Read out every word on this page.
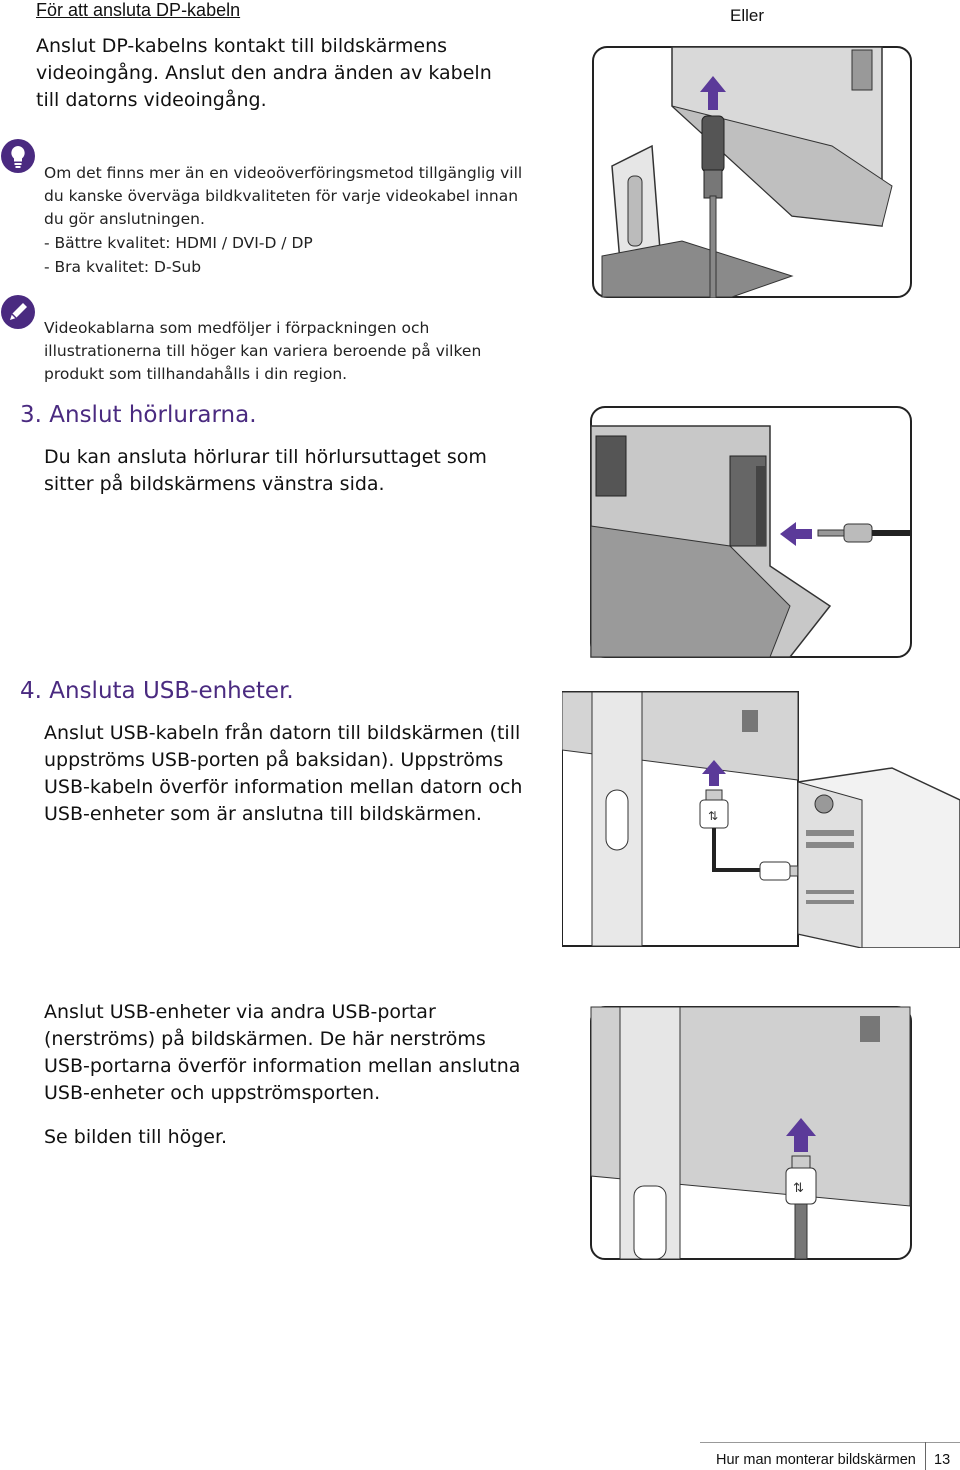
För att ansluta DP-kabeln
Anslut DP-kabelns kontakt till bildskärmens videoingång. Anslut den andra änden av kabeln till datorns videoingång.
Eller
Om det finns mer än en videoöverföringsmetod tillgänglig vill du kanske överväga bildkvaliteten för varje videokabel innan du gör anslutningen.
- Bättre kvalitet: HDMI / DVI-D / DP
- Bra kvalitet: D-Sub
Videokablarna som medföljer i förpackningen och illustrationerna till höger kan variera beroende på vilken produkt som tillhandahålls i din region.
3. Anslut hörlurarna.
Du kan ansluta hörlurar till hörlursuttaget som sitter på bildskärmens vänstra sida.
4. Ansluta USB-enheter.
Anslut USB-kabeln från datorn till bildskärmen (till uppströms USB-porten på baksidan). Uppströms USB-kabeln överför information mellan datorn och USB-enheter som är anslutna till bildskärmen.
Anslut USB-enheter via andra USB-portar (nerströms) på bildskärmen. De här nerströms USB-portarna överför information mellan anslutna USB-enheter och uppströmsporten.
Se bilden till höger.
⇅
⇅
Hur man monterar bildskärmen 13
